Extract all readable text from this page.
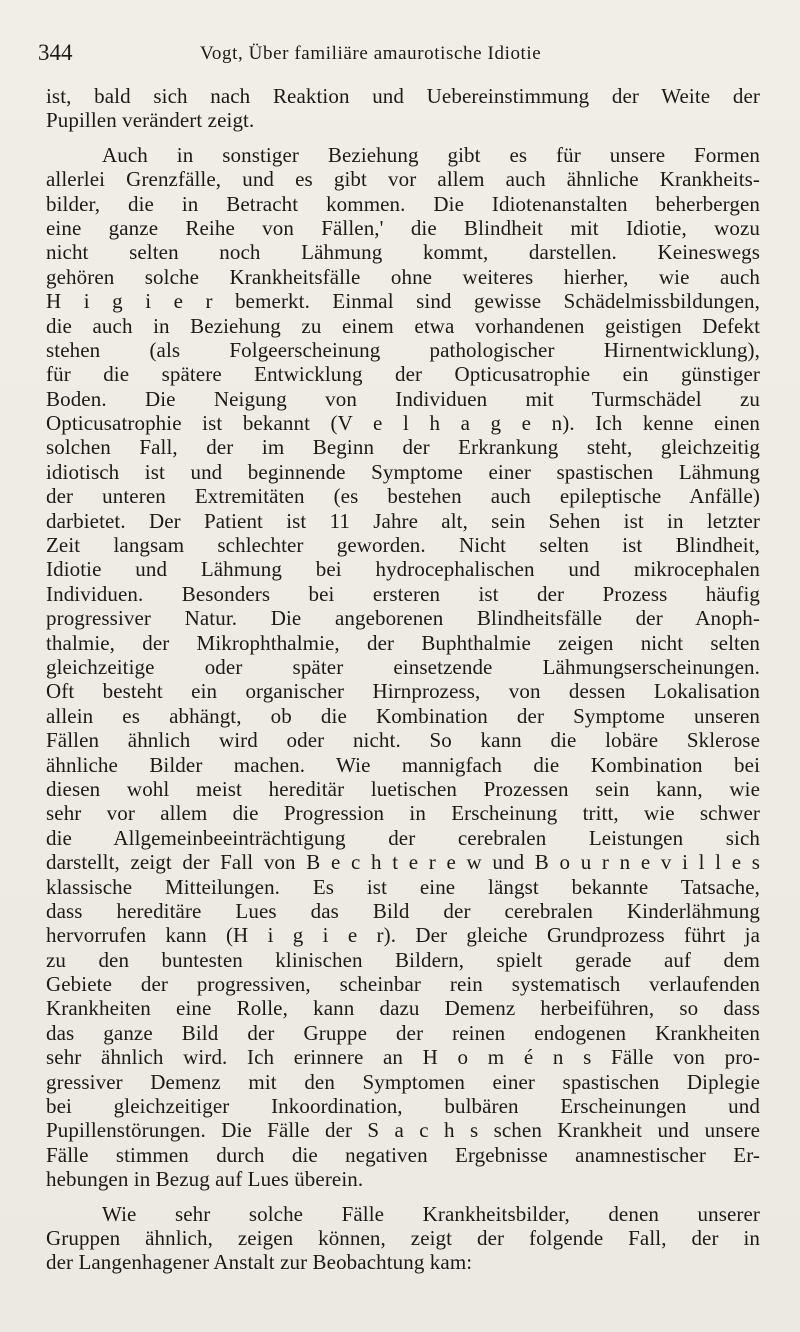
344	Vogt, Über familiäre amaurotische Idiotie
ist, bald sich nach Reaktion und Uebereinstimmung der Weite der
Pupillen verändert zeigt.
Auch in sonstiger Beziehung gibt es für unsere Formen
allerlei Grenzfälle, und es gibt vor allem auch ähnliche Krankheits-
bilder, die in Betracht kommen. Die Idiotenanstalten beherbergen
eine ganze Reihe von Fällen,' die Blindheit mit Idiotie, wozu
nicht selten noch Lähmung kommt, darstellen. Keineswegs
gehören solche Krankheitsfälle ohne weiteres hierher, wie auch
H i g i e r bemerkt. Einmal sind gewisse Schädelmissbildungen,
die auch in Beziehung zu einem etwa vorhandenen geistigen Defekt
stehen (als Folgeerscheinung pathologischer Hirnentwicklung),
für die spätere Entwicklung der Opticusatrophie ein günstiger
Boden. Die Neigung von Individuen mit Turmschädel zu
Opticusatrophie ist bekannt (V e l h a g e n). Ich kenne einen
solchen Fall, der im Beginn der Erkrankung steht, gleichzeitig
idiotisch ist und beginnende Symptome einer spastischen Lähmung
der unteren Extremitäten (es bestehen auch epileptische Anfälle)
darbietet. Der Patient ist 11 Jahre alt, sein Sehen ist in letzter
Zeit langsam schlechter geworden. Nicht selten ist Blindheit,
Idiotie und Lähmung bei hydrocephalischen und mikrocephalen
Individuen. Besonders bei ersteren ist der Prozess häufig
progressiver Natur. Die angeborenen Blindheitsfälle der Anoph-
thalmie, der Mikrophthalmie, der Buphthalmie zeigen nicht selten
gleichzeitige oder später einsetzende Lähmungserscheinungen.
Oft besteht ein organischer Hirnprozess, von dessen Lokalisation
allein es abhängt, ob die Kombination der Symptome unseren
Fällen ähnlich wird oder nicht. So kann die lobäre Sklerose
ähnliche Bilder machen. Wie mannigfach die Kombination bei
diesen wohl meist hereditär luetischen Prozessen sein kann, wie
sehr vor allem die Progression in Erscheinung tritt, wie schwer
die Allgemeinbeeinträchtigung der cerebralen Leistungen sich
darstellt, zeigt der Fall von B e c h t e r e w und B o u r n e v i l l e s
klassische Mitteilungen. Es ist eine längst bekannte Tatsache,
dass hereditäre Lues das Bild der cerebralen Kinderlähmung
hervorrufen kann (H i g i e r). Der gleiche Grundprozess führt ja
zu den buntesten klinischen Bildern, spielt gerade auf dem
Gebiete der progressiven, scheinbar rein systematisch verlaufenden
Krankheiten eine Rolle, kann dazu Demenz herbeiführen, so dass
das ganze Bild der Gruppe der reinen endogenen Krankheiten
sehr ähnlich wird. Ich erinnere an H o m é n s Fälle von pro-
gressiver Demenz mit den Symptomen einer spastischen Diplegie
bei gleichzeitiger Inkoordination, bulbären Erscheinungen und
Pupillenstörungen. Die Fälle der S a c h s schen Krankheit und unsere
Fälle stimmen durch die negativen Ergebnisse anamnestischer Er-
hebungen in Bezug auf Lues überein.
Wie sehr solche Fälle Krankheitsbilder, denen unserer
Gruppen ähnlich, zeigen können, zeigt der folgende Fall, der in
der Langenhagener Anstalt zur Beobachtung kam:
